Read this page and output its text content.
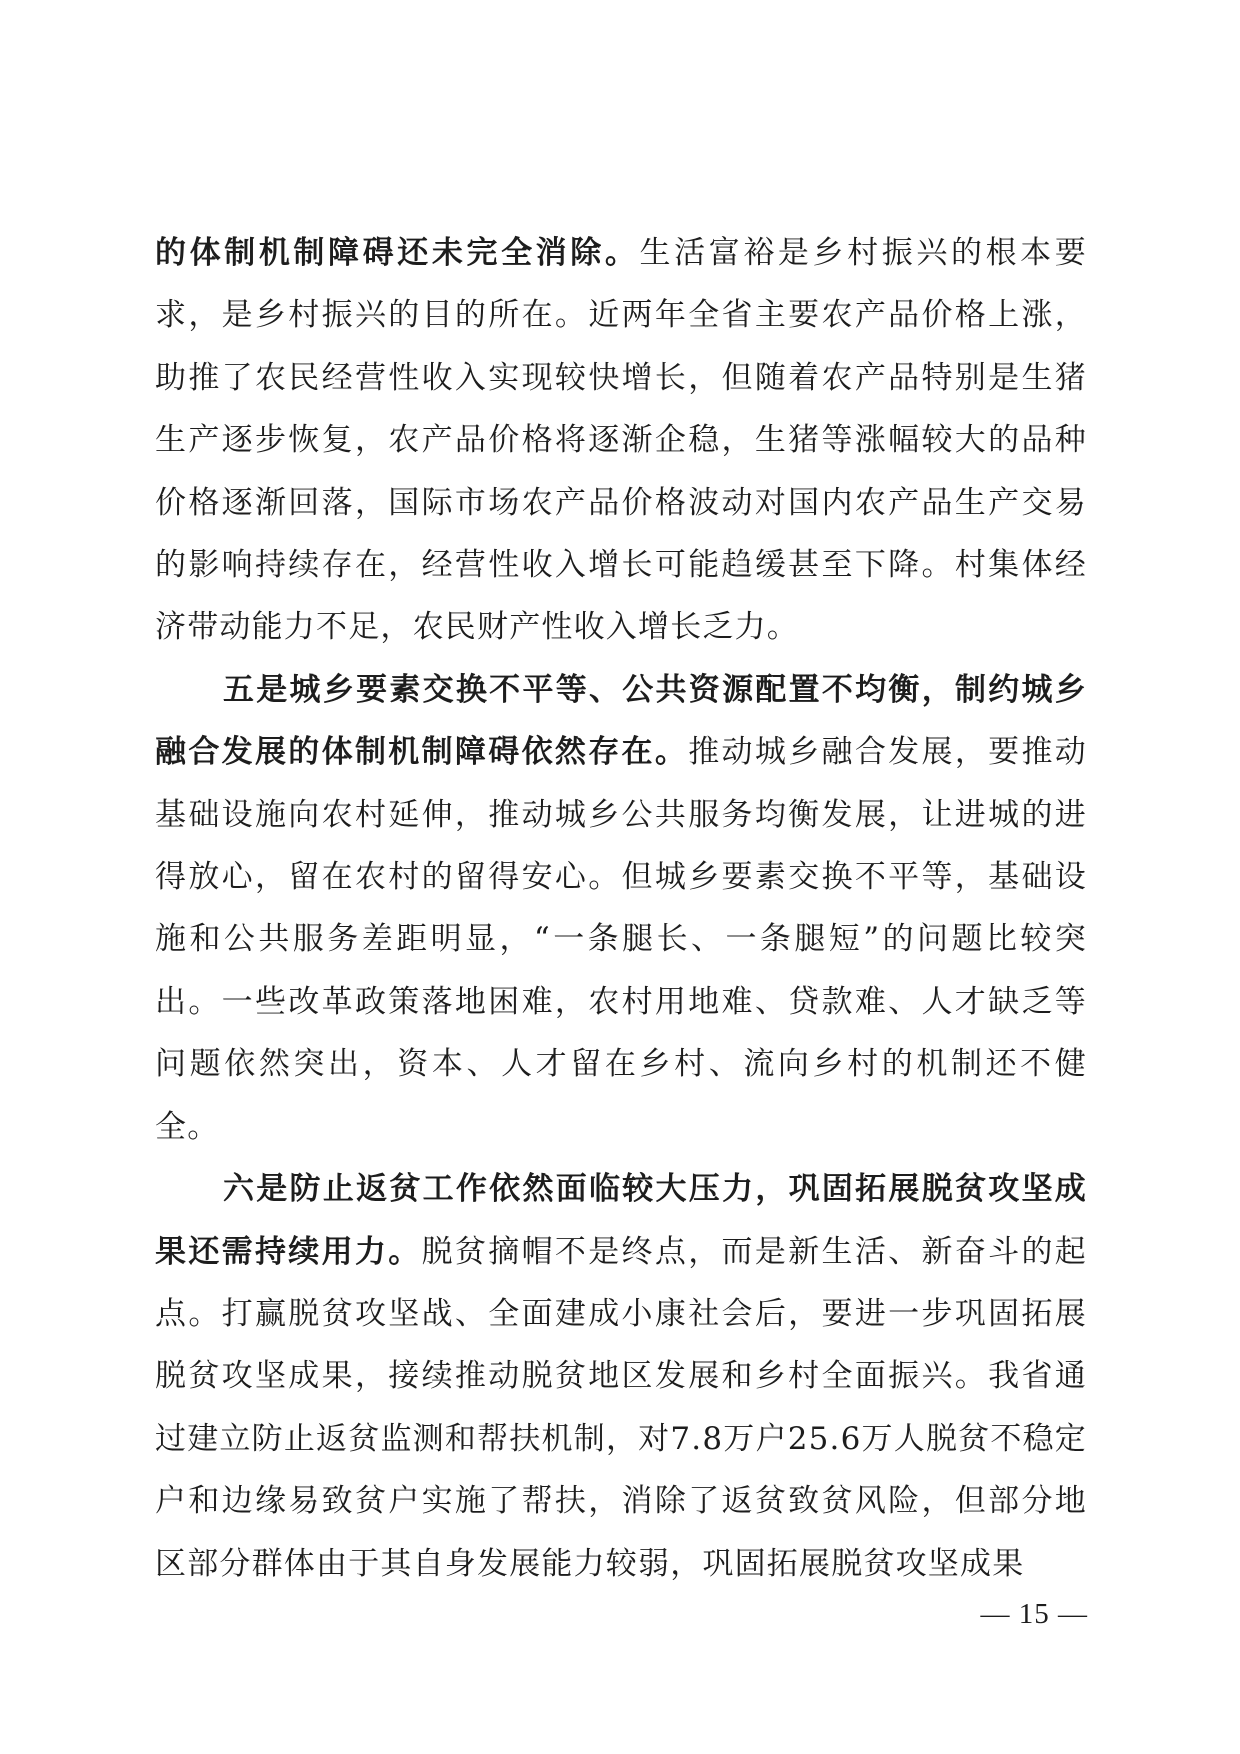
的体制机制障碍还未完全消除。生活富裕是乡村振兴的根本要求，是乡村振兴的目的所在。近两年全省主要农产品价格上涨，助推了农民经营性收入实现较快增长，但随着农产品特别是生猪生产逐步恢复，农产品价格将逐渐企稳，生猪等涨幅较大的品种价格逐渐回落，国际市场农产品价格波动对国内农产品生产交易的影响持续存在，经营性收入增长可能趋缓甚至下降。村集体经济带动能力不足，农民财产性收入增长乏力。

五是城乡要素交换不平等、公共资源配置不均衡，制约城乡融合发展的体制机制障碍依然存在。推动城乡融合发展，要推动基础设施向农村延伸，推动城乡公共服务均衡发展，让进城的进得放心，留在农村的留得安心。但城乡要素交换不平等，基础设施和公共服务差距明显，“一条腿长、一条腿短”的问题比较突出。一些改革政策落地困难，农村用地难、贷款难、人才缺乏等问题依然突出，资本、人才留在乡村、流向乡村的机制还不健全。

六是防止返贫工作依然面临较大压力，巩固拓展脱贫攻坚成果还需持续用力。脱贫摘帽不是终点，而是新生活、新奋斗的起点。打赢脱贫攻坚战、全面建成小康社会后，要进一步巩固拓展脱贫攻坚成果，接续推动脱贫地区发展和乡村全面振兴。我省通过建立防止返贫监测和帮扶机制，对7.8万户25.6万人脱贫不稳定户和边缘易致贫户实施了帮扶，消除了返贫致贫风险，但部分地区部分群体由于其自身发展能力较弱，巩固拓展脱贫攻坚成果

— 15 —
